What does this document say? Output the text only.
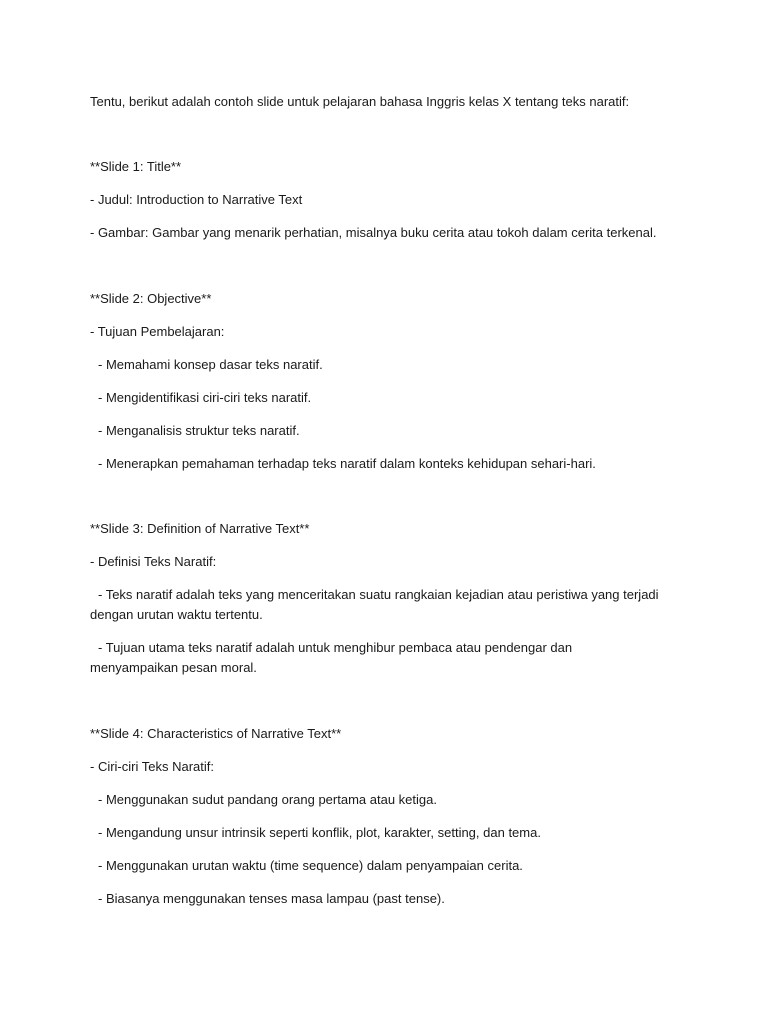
Tentu, berikut adalah contoh slide untuk pelajaran bahasa Inggris kelas X tentang teks naratif:

**Slide 1: Title**

- Judul: Introduction to Narrative Text

- Gambar: Gambar yang menarik perhatian, misalnya buku cerita atau tokoh dalam cerita terkenal.

**Slide 2: Objective**

- Tujuan Pembelajaran:

- Memahami konsep dasar teks naratif.

- Mengidentifikasi ciri-ciri teks naratif.

- Menganalisis struktur teks naratif.

- Menerapkan pemahaman terhadap teks naratif dalam konteks kehidupan sehari-hari.

**Slide 3: Definition of Narrative Text**

- Definisi Teks Naratif:

- Teks naratif adalah teks yang menceritakan suatu rangkaian kejadian atau peristiwa yang terjadi dengan urutan waktu tertentu.

- Tujuan utama teks naratif adalah untuk menghibur pembaca atau pendengar dan menyampaikan pesan moral.

**Slide 4: Characteristics of Narrative Text**

- Ciri-ciri Teks Naratif:

- Menggunakan sudut pandang orang pertama atau ketiga.

- Mengandung unsur intrinsik seperti konflik, plot, karakter, setting, dan tema.

- Menggunakan urutan waktu (time sequence) dalam penyampaian cerita.

- Biasanya menggunakan tenses masa lampau (past tense).
